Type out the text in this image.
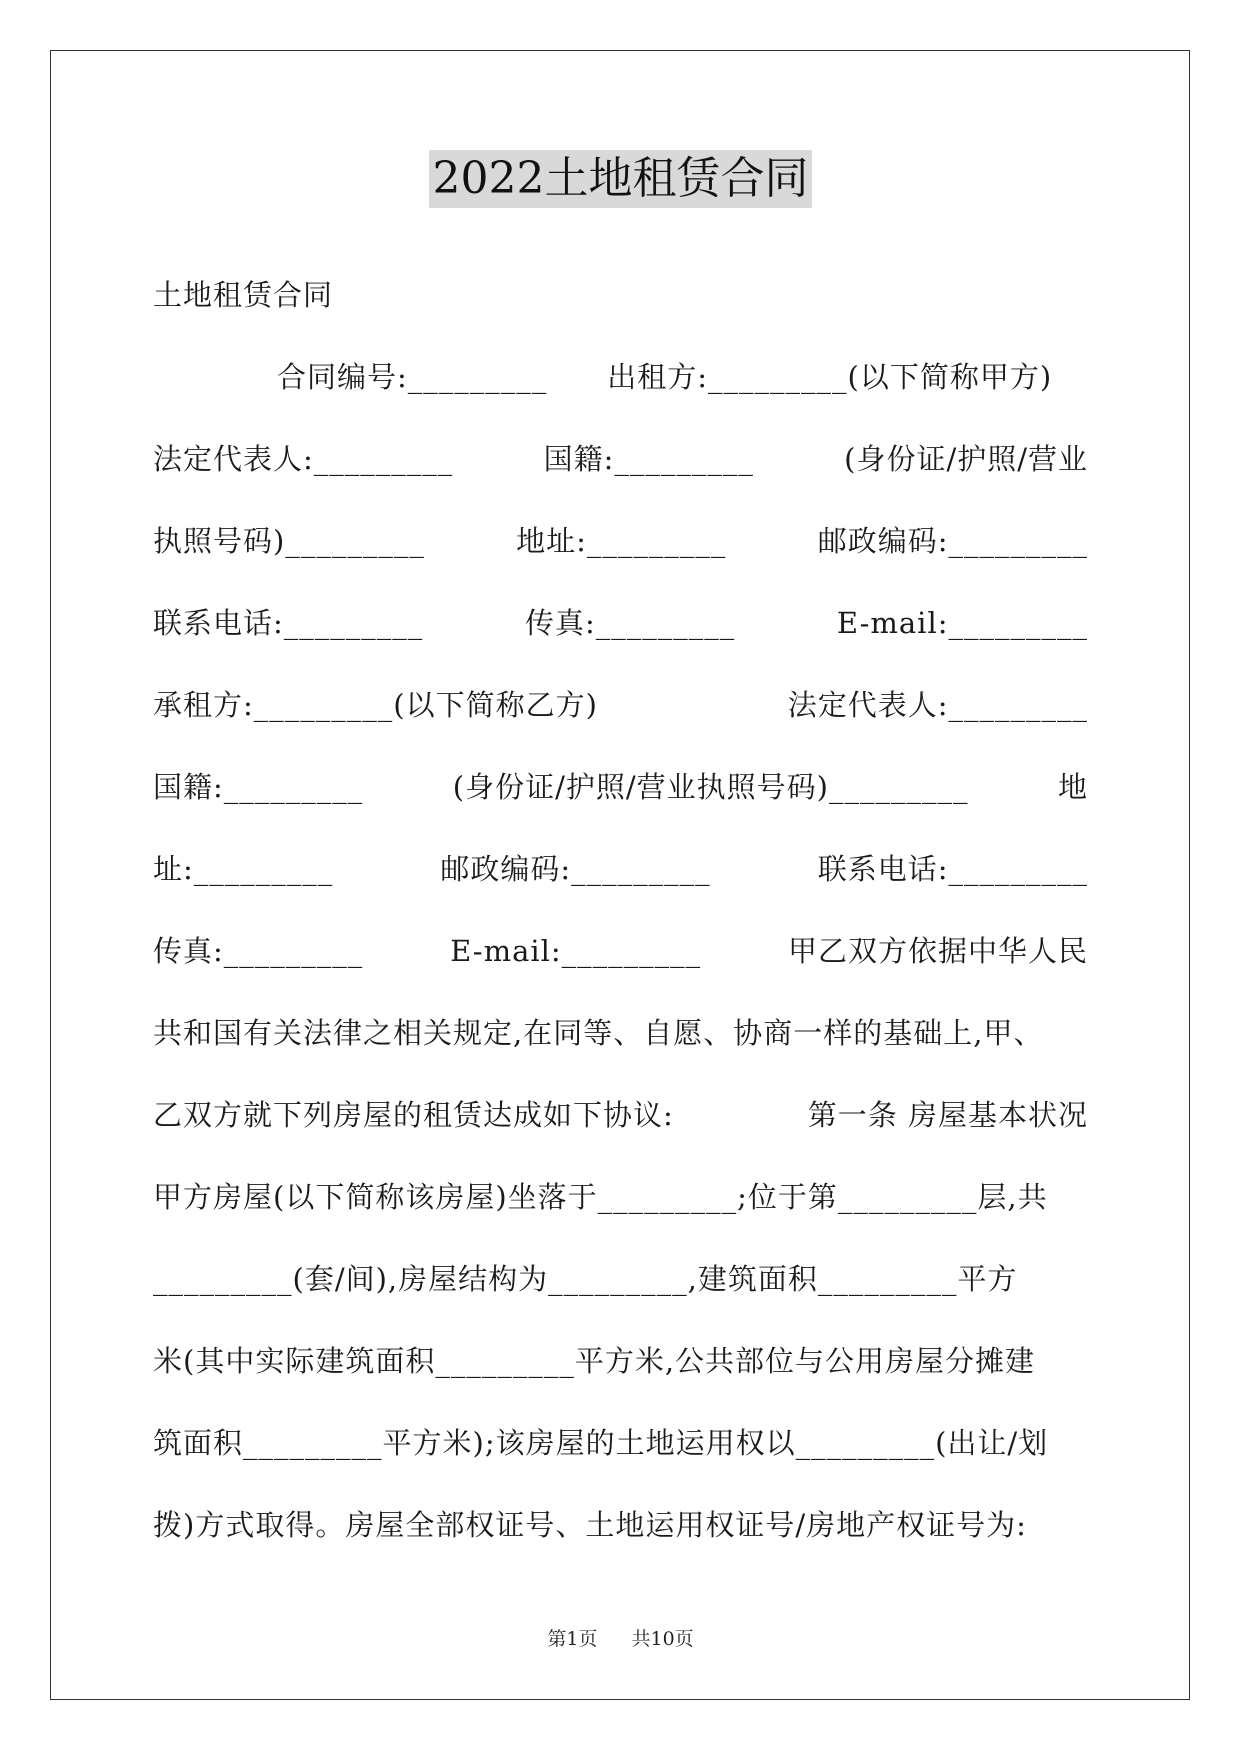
2022土地租赁合同
土地租赁合同
合同编号:_________ 出租方:_________(以下简称甲方)
法定代表人:_________	国籍:_________	(身份证/护照/营业
执照号码)_________	地址:_________	邮政编码:_________
联系电话:_________	传真:_________	E-mail:_________
承租方:_________(以下简称乙方)	法定代表人:_________
国籍:_________	(身份证/护照/营业执照号码)_________	地
址:_________	邮政编码:_________	联系电话:_________
传真:_________	E-mail:_________	甲乙双方依据中华人民
共和国有关法律之相关规定,在同等、自愿、协商一样的基础上,甲、
乙双方就下列房屋的租赁达成如下协议:	第一条 房屋基本状况
甲方房屋(以下简称该房屋)坐落于_________;位于第_________层,共
_________(套/间),房屋结构为_________,建筑面积_________平方
米(其中实际建筑面积_________平方米,公共部位与公用房屋分摊建
筑面积_________平方米);该房屋的土地运用权以_________(出让/划
拨)方式取得。房屋全部权证号、土地运用权证号/房地产权证号为:
第1页 共10页
